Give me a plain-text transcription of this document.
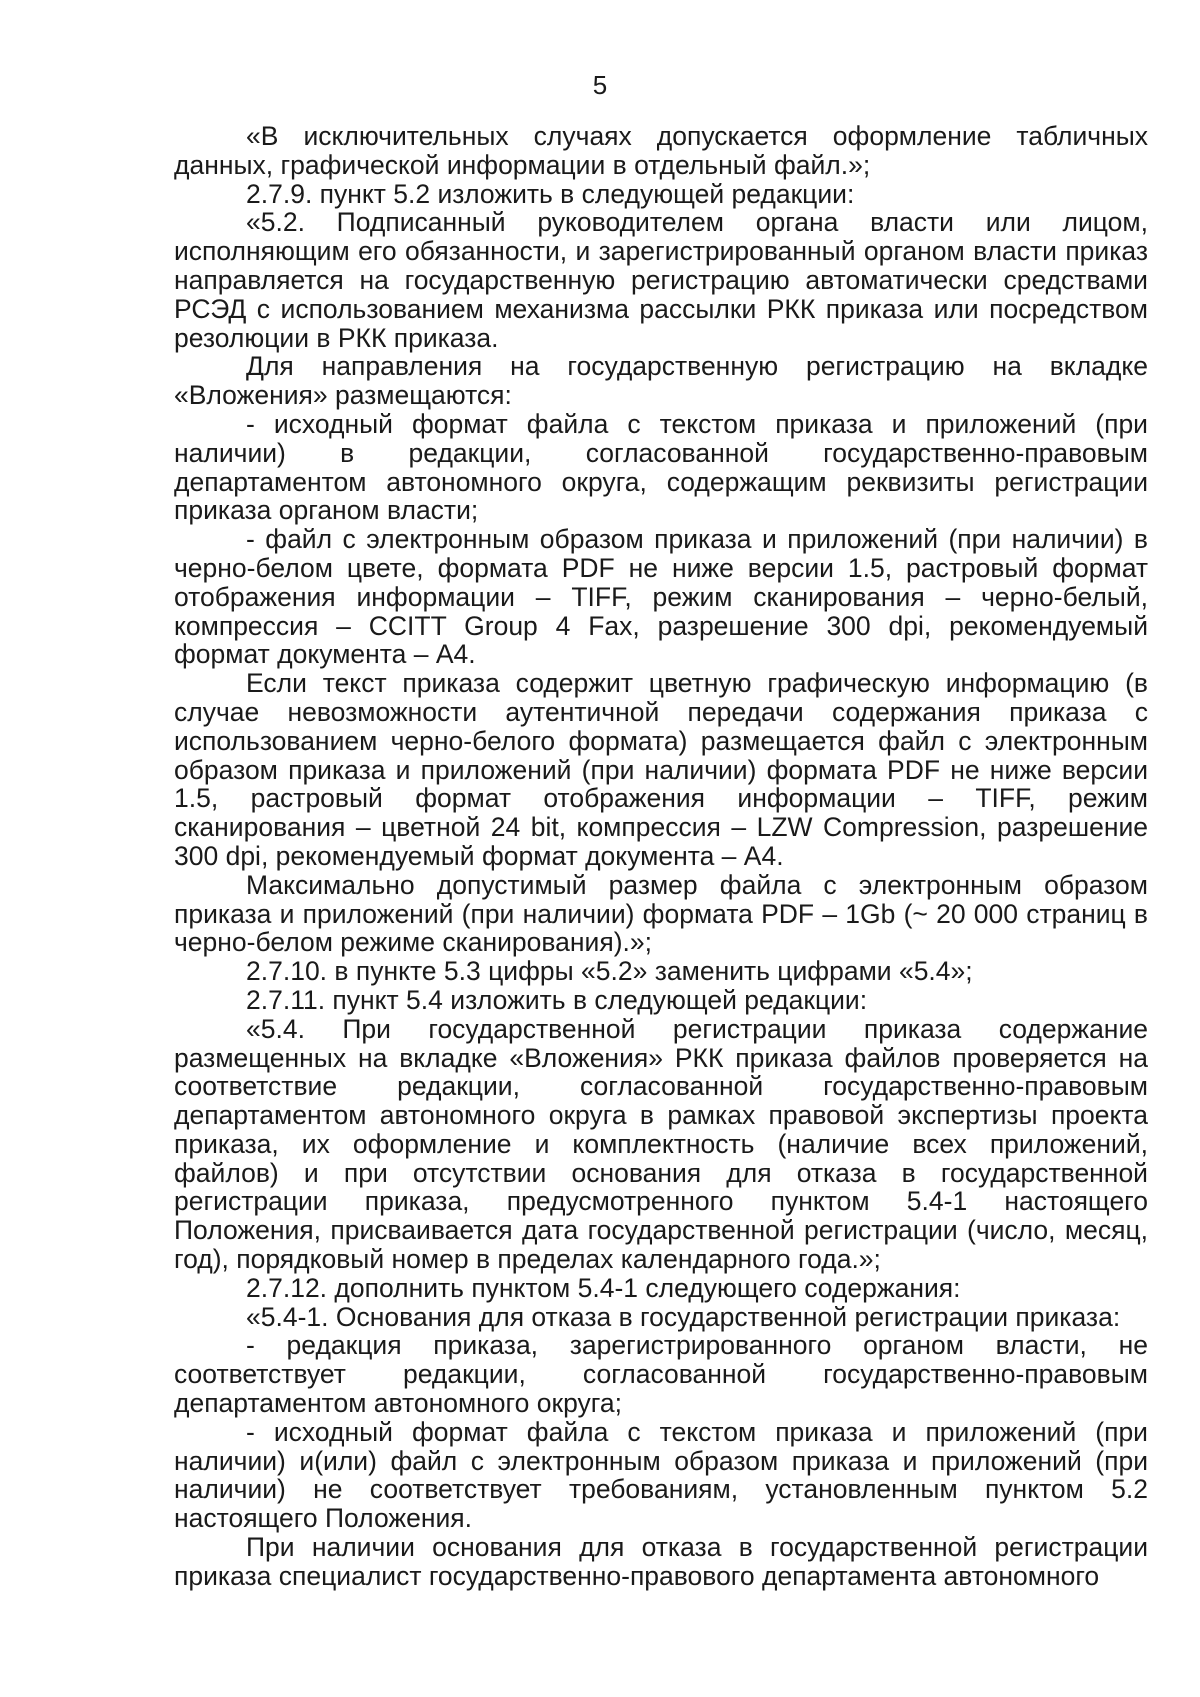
5

«В исключительных случаях допускается оформление табличных данных, графической информации в отдельный файл.»;

2.7.9. пункт 5.2 изложить в следующей редакции:

«5.2. Подписанный руководителем органа власти или лицом, исполняющим его обязанности, и зарегистрированный органом власти приказ направляется на государственную регистрацию автоматически средствами РСЭД с использованием механизма рассылки РКК приказа или посредством резолюции в РКК приказа.

Для направления на государственную регистрацию на вкладке «Вложения» размещаются:

- исходный формат файла с текстом приказа и приложений (при наличии) в редакции, согласованной государственно-правовым департаментом автономного округа, содержащим реквизиты регистрации приказа органом власти;

- файл с электронным образом приказа и приложений (при наличии) в черно-белом цвете, формата PDF не ниже версии 1.5, растровый формат отображения информации – TIFF, режим сканирования – черно-белый, компрессия – CCITT Group 4 Fax, разрешение 300 dpi, рекомендуемый формат документа – А4.

Если текст приказа содержит цветную графическую информацию (в случае невозможности аутентичной передачи содержания приказа с использованием черно-белого формата) размещается файл с электронным образом приказа и приложений (при наличии) формата PDF не ниже версии 1.5, растровый формат отображения информации – TIFF, режим сканирования – цветной 24 bit, компрессия – LZW Compression, разрешение 300 dpi, рекомендуемый формат документа – А4.

Максимально допустимый размер файла с электронным образом приказа и приложений (при наличии) формата PDF – 1Gb (~ 20 000 страниц в черно-белом режиме сканирования).»;

2.7.10. в пункте 5.3 цифры «5.2» заменить цифрами «5.4»;

2.7.11. пункт 5.4 изложить в следующей редакции:

«5.4. При государственной регистрации приказа содержание размещенных на вкладке «Вложения» РКК приказа файлов проверяется на соответствие редакции, согласованной государственно-правовым департаментом автономного округа в рамках правовой экспертизы проекта приказа, их оформление и комплектность (наличие всех приложений, файлов) и при отсутствии основания для отказа в государственной регистрации приказа, предусмотренного пунктом 5.4-1 настоящего Положения, присваивается дата государственной регистрации (число, месяц, год), порядковый номер в пределах календарного года.»;

2.7.12. дополнить пунктом 5.4-1 следующего содержания:

«5.4-1. Основания для отказа в государственной регистрации приказа:

- редакция приказа, зарегистрированного органом власти, не соответствует редакции, согласованной государственно-правовым департаментом автономного округа;

- исходный формат файла с текстом приказа и приложений (при наличии) и(или) файл с электронным образом приказа и приложений (при наличии) не соответствует требованиям, установленным пунктом 5.2 настоящего Положения.

При наличии основания для отказа в государственной регистрации приказа специалист государственно-правового департамента автономного
